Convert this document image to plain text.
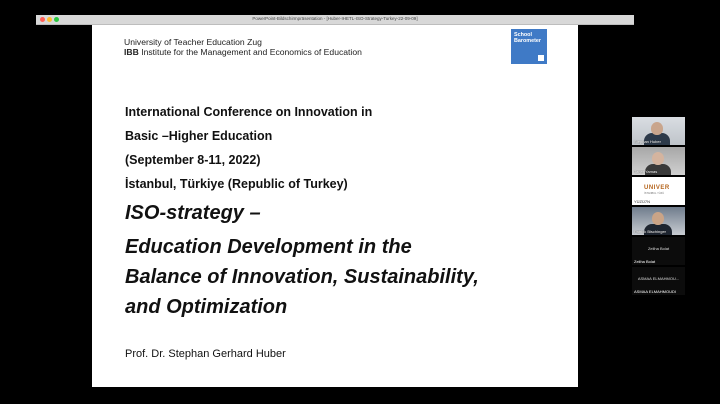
PowerPoint-Bildschirmpräsentation - [Huber-IHETL-ISO-Strategy-Turkey-22-09-09]
University of Teacher Education Zug
IBB Institute for the Management and Economics of Education
School
Barometer
International Conference on Innovation in
Basic –Higher Education
(September 8-11, 2022)
İstanbul, Türkiye (Republic of Turkey)
ISO-strategy –
Education Development in the
Balance of Innovation, Sustainability,
and Optimization
Prof. Dr. Stephan Gerhard Huber
Stephan Huber
Taner Yamas
UNIVER
İSTANBUL YÜZÜ
YÜZÜ7N
Patrick Bischinger
Zeliha Bolat
Zeliha Bolat
ASMAA ELMAHMOU...
ASMAA ELMAHMOUDI
